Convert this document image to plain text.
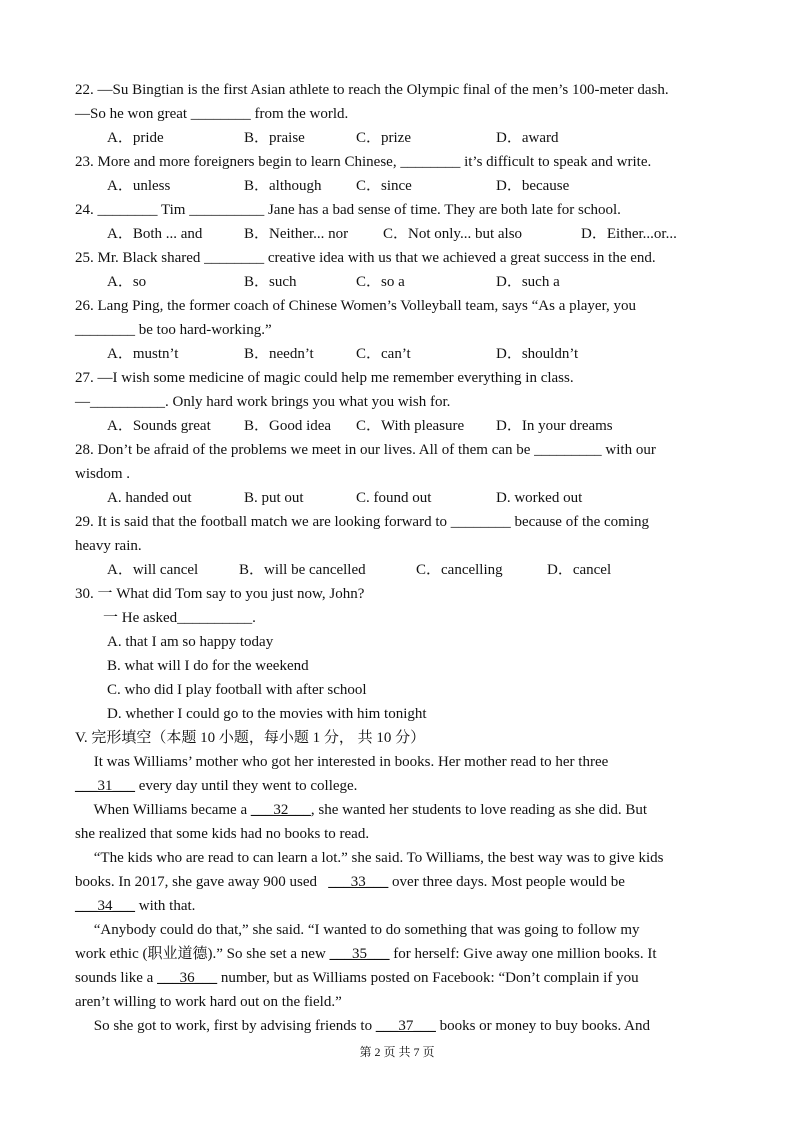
22. —Su Bingtian is the first Asian athlete to reach the Olympic final of the men’s 100-meter dash.
—So he won great ________ from the world.
A．pride	B．praise	C．prize	D．award
23. More and more foreigners begin to learn Chinese, ________ it’s difficult to speak and write.
A．unless	B．although C．since	D．because
24. ________ Tim __________ Jane has a bad sense of time. They are both late for school.
A．Both ... and	B．Neither... nor C．Not only... but also	D．Either...or...
25. Mr. Black shared ________ creative idea with us that we achieved a great success in the end.
A．so	B．such	C．so a	D．such a
26. Lang Ping, the former coach of Chinese Women’s Volleyball team, says “As a player, you
________ be too hard-working.”
A．mustn’t	B．needn’t	C．can’t	D．shouldn’t
27. —I wish some medicine of magic could help me remember everything in class.
—__________. Only hard work brings you what you wish for.
A．Sounds great B．Good idea C．With pleasure D．In your dreams
28. Don’t be afraid of the problems we meet in our lives. All of them can be _________ with our
wisdom .
A. handed out	B. put out	C. found out	D. worked out
29. It is said that the football match we are looking forward to ________ because of the coming
heavy rain.
A．will cancel	B．will be cancelled	C．cancelling	D．cancel
30. 一 What did Tom say to you just now, John?
一 He asked__________.
A. that I am so happy today
B. what will I do for the weekend
C. who did I play football with after school
D. whether I could go to the movies with him tonight
V. 完形填空（本题 10 小题，每小题 1 分， 共 10 分）
It was Williams’ mother who got her interested in books. Her mother read to her three
___31___ every day until they went to college.
When Williams became a ___32___, she wanted her students to love reading as she did. But
she realized that some kids had no books to read.
“The kids who are read to can learn a lot.” she said. To Williams, the best way was to give kids
books. In 2017, she gave away 900 used   ___33___ over three days. Most people would be
___34___ with that.
“Anybody could do that,” she said. “I wanted to do something that was going to follow my
work ethic (职业道德).” So she set a new ___35___ for herself: Give away one million books. It
sounds like a ___36___ number, but as Williams posted on Facebook: “Don’t complain if you
aren’t willing to work hard out on the field.”
So she got to work, first by advising friends to ___37___ books or money to buy books. And
第 2 页 共 7 页
